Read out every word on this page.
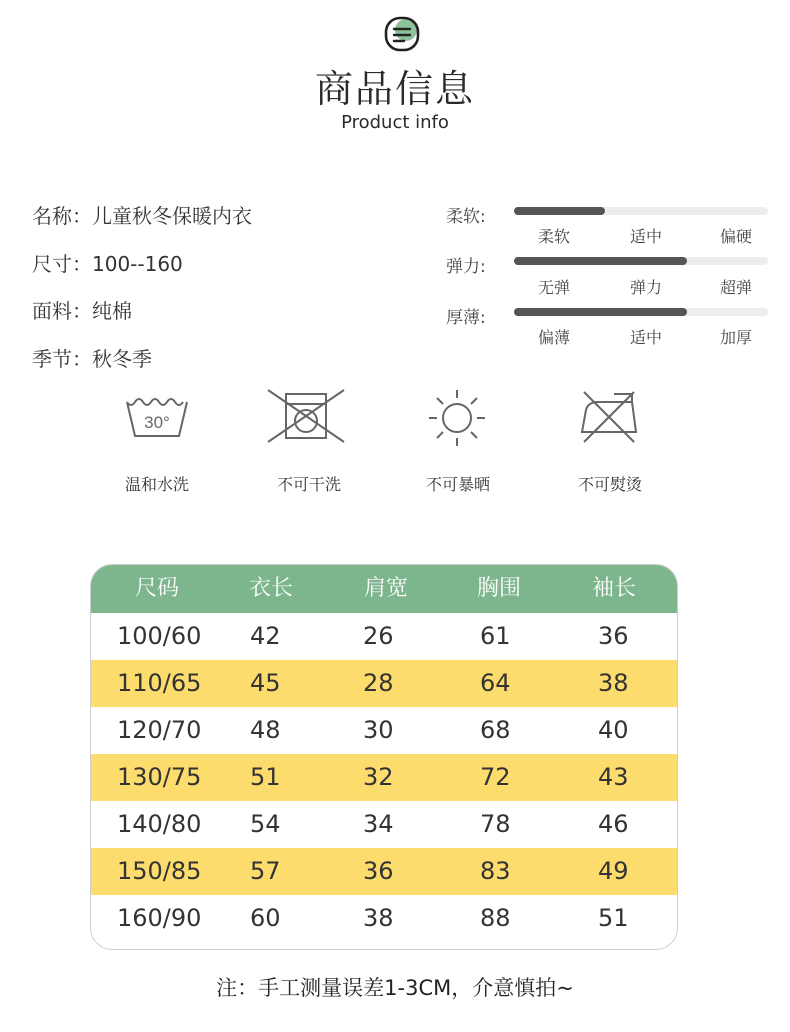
商品信息
Product info
名称：儿童秋冬保暖内衣
尺寸：100--160
面料：纯棉
季节：秋冬季
柔软:
柔软	适中	偏硬
弹力:
无弹	弹力	超弹
厚薄:
偏薄	适中	加厚
30°
温和水洗	不可干洗	不可暴晒	不可熨烫
尺码	衣长	肩宽	胸围	袖长
100/60 42	26	61	36
110/65 45	28	64	38
120/70 48	30	68	40
130/75 51	32	72	43
140/80 54	34	78	46
150/85 57	36	83	49
160/90 60	38	88	51
注：手工测量误差1-3CM，介意慎拍~
